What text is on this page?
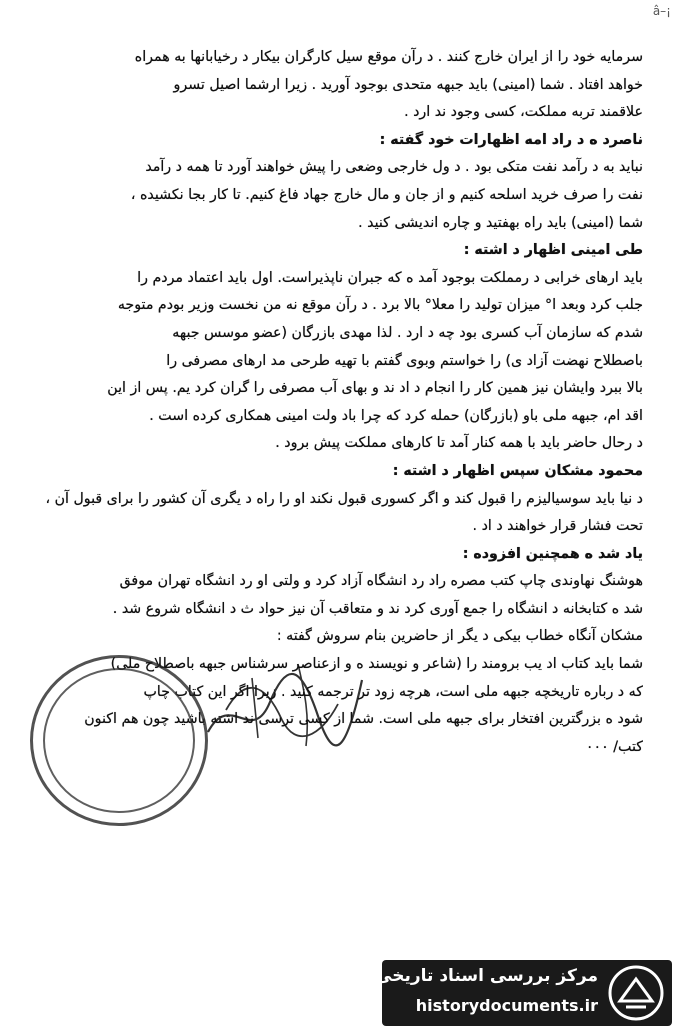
â–¡
سرمایه خود را از ایران خارج کنند . د رآن موقع سیل کارگران بیکار د رخیابانها به همراه
خواهد افتاد . شما (امینی) باید جبهه متحدی بوجود آورید . زیرا ارشما اصیل تسرو
علاقمند تربه مملکت، کسی وجود ند ارد .
ناصرد ه د راد امه اظهارات خود گفته :
نباید به د رآمد نفت متکی بود . د ول خارجی وضعی را پیش خواهند آورد تا همه د رآمد
نفت را صرف خرید اسلحه کنیم و از جان و مال خارج جهاد فاغ کنیم. تا کار بجا نکشیده ،
شما (امینی) باید راه بهفتید و چاره اندیشی کنید .
طی امینی اظهار د اشته :
باید ارهای خرابی د رمملکت بوجود آمد ه که جبران ناپذیراست. اول باید اعتماد مردم را
جلب کرد وبعد ا° میزان تولید را معلا° بالا برد . د رآن موقع نه من نخست وزیر بودم متوجه
شدم که سازمان آب کسری بود چه د ارد . لذا مهدی بازرگان (عضو موسس جبهه
باصطلاح نهضت آزاد ی) را خواستم وبوی گفتم با تهیه طرحی مد ارهای مصرفی را
بالا ببرد وایشان نیز همین کار را انجام د اد ند و بهای آب مصرفی را گران کرد یم. پس از این
اقد ام، جبهه ملی باو (بازرگان) حمله کرد که چرا باد ولت امینی همکاری کرده است .
د رحال حاضر باید با همه کنار آمد تا کارهای مملکت پیش برود .
محمود مشکان سپس اظهار د اشته :
د نیا باید سوسیالیزم را قبول کند و اگر کسوری قبول نکند او را راه د یگری آن کشور را برای قبول آن ،
تحت فشار قرار خواهند د اد .
یاد شد ه همچنین افزوده :
هوشنگ نهاوندی چاپ کتب مصره راد رد انشگاه آزاد کرد و ولتی او رد انشگاه تهران موفق
شد ه کتابخانه د انشگاه را جمع آوری کرد ند و متعاقب آن نیز حواد ث د انشگاه شروع شد .
مشکان آنگاه خطاب بیکی د یگر از حاضرین بنام سروش گفته :
شما باید کتاب اد یب برومند را (شاعر و نویسند ه و ازعناصر سرشناس جبهه باصطلاح ملی)
که د رباره تاریخچه جبهه ملی است، هرچه زود تر ترجمه کنید . زیرا اگر این کتاب چاپ
شود ه بزرگترین افتخار برای جبهه ملی است. شما از کسی ترسی ند اشته باشید چون هم اکنون
کتب/ ۰۰۰
مرکز بررسی اسناد تاریخی
historydocuments.ir
